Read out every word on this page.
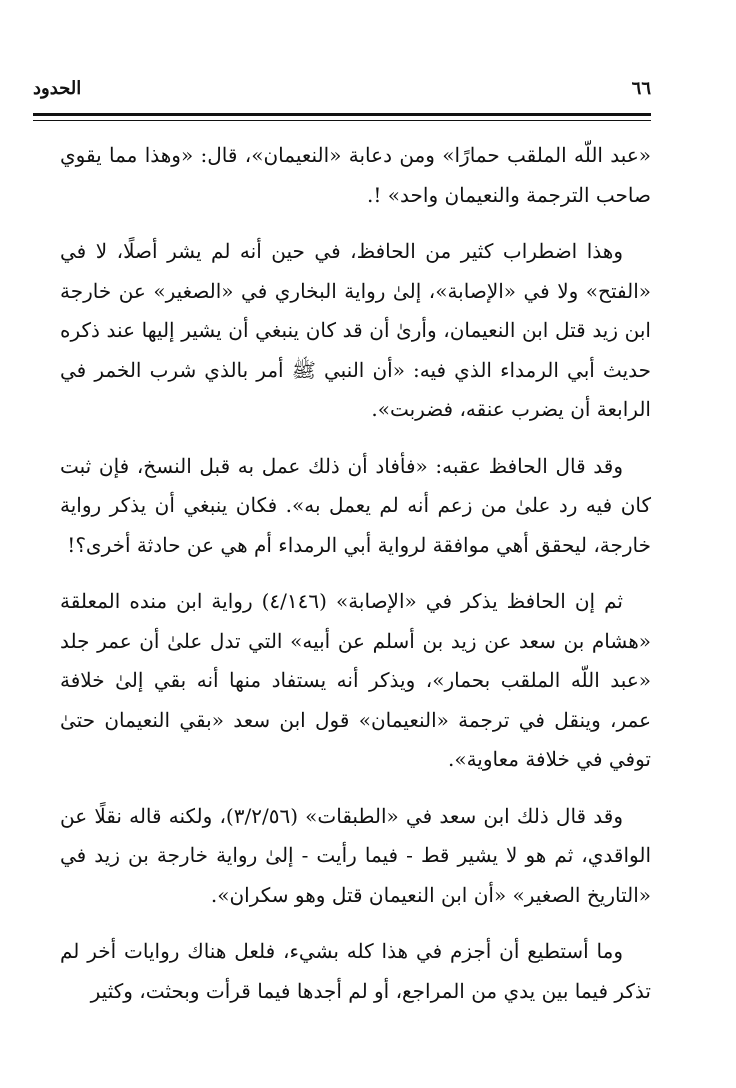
٦٦
الحدود

«عبد اللّه الملقب حمارًا» ومن دعابة «النعيمان»، قال: «وهذا مما يقوي صاحب الترجمة والنعيمان واحد» !.

وهذا اضطراب كثير من الحافظ، في حين أنه لم يشر أصلًا، لا في «الفتح» ولا في «الإصابة»، إلىٰ رواية البخاري في «الصغير» عن خارجة ابن زيد قتل ابن النعيمان، وأرىٰ أن قد كان ينبغي أن يشير إليها عند ذكره حديث أبي الرمداء الذي فيه: «أن النبي ﷺ أمر بالذي شرب الخمر في الرابعة أن يضرب عنقه، فضربت».

وقد قال الحافظ عقبه: «فأفاد أن ذلك عمل به قبل النسخ، فإن ثبت كان فيه رد علىٰ من زعم أنه لم يعمل به». فكان ينبغي أن يذكر رواية خارجة، ليحقق أهي موافقة لرواية أبي الرمداء أم هي عن حادثة أخرى؟!

ثم إن الحافظ يذكر في «الإصابة» (٤/١٤٦) رواية ابن منده المعلقة «هشام بن سعد عن زيد بن أسلم عن أبيه» التي تدل علىٰ أن عمر جلد «عبد اللّه الملقب بحمار»، ويذكر أنه يستفاد منها أنه بقي إلىٰ خلافة عمر، وينقل في ترجمة «النعيمان» قول ابن سعد «بقي النعيمان حتىٰ توفي في خلافة معاوية».

وقد قال ذلك ابن سعد في «الطبقات» (٣/٢/٥٦)، ولكنه قاله نقلًا عن الواقدي، ثم هو لا يشير قط - فيما رأيت - إلىٰ رواية خارجة بن زيد في «التاريخ الصغير» «أن ابن النعيمان قتل وهو سكران».

وما أستطيع أن أجزم في هذا كله بشيء، فلعل هناك روايات أخر لم تذكر فيما بين يدي من المراجع، أو لم أجدها فيما قرأت وبحثت، وكثير
